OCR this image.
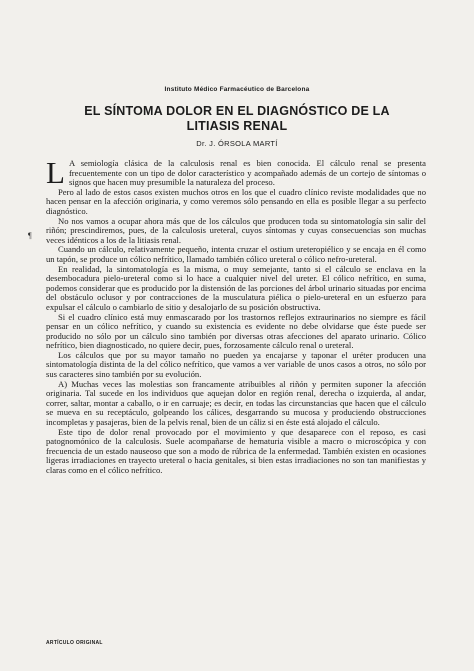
Instituto Médico Farmacéutico de Barcelona
EL SÍNTOMA DOLOR EN EL DIAGNÓSTICO DE LA
LITIASIS RENAL
Dr. J. ÓRSOLA MARTÍ
¶

L A semiología clásica de la calculosis renal es bien conocida. El cálculo renal se presenta frecuentemente con un tipo de dolor característico y acompañado además de un cortejo de síntomas o signos que hacen muy presumible la naturaleza del proceso.

Pero al lado de estos casos existen muchos otros en los que el cuadro clínico reviste modalidades que no hacen pensar en la afección originaria, y como veremos sólo pensando en ella es posible llegar a su perfecto diagnóstico.

No nos vamos a ocupar ahora más que de los cálculos que producen toda su sintomatología sin salir del riñón; prescindiremos, pues, de la calculosis ureteral, cuyos síntomas y cuyas consecuencias son muchas veces idénticos a los de la litiasis renal.

Cuando un cálculo, relativamente pequeño, intenta cruzar el ostium ureteropiélico y se encaja en él como un tapón, se produce un cólico nefrítico, llamado también cólico ureteral o cólico nefro-ureteral.

En realidad, la sintomatología es la misma, o muy semejante, tanto si el cálculo se enclava en la desembocadura pielo-ureteral como si lo hace a cualquier nivel del ureter. El cólico nefrítico, en suma, podemos considerar que es producido por la distensión de las porciones del árbol urinario situadas por encima del obstáculo oclusor y por contracciones de la musculatura piélica o pielo-ureteral en un esfuerzo para expulsar el cálculo o cambiarlo de sitio y desalojarlo de su posición obstructiva.

Si el cuadro clínico está muy enmascarado por los trastornos reflejos extraurinarios no siempre es fácil pensar en un cólico nefrítico, y cuando su existencia es evidente no debe olvidarse que éste puede ser producido no sólo por un cálculo sino también por diversas otras afecciones del aparato urinario. Cólico nefrítico, bien diagnosticado, no quiere decir, pues, forzosamente cálculo renal o ureteral.

Los cálculos que por su mayor tamaño no pueden ya encajarse y taponar el uréter producen una sintomatología distinta de la del cólico nefrítico, que vamos a ver variable de unos casos a otros, no sólo por sus caracteres sino también por su evolución.

A) Muchas veces las molestias son francamente atribuibles al riñón y permiten suponer la afección originaria. Tal sucede en los individuos que aquejan dolor en región renal, derecha o izquierda, al andar, correr, saltar, montar a caballo, o ir en carruaje; es decir, en todas las circunstancias que hacen que el cálculo se mueva en su receptáculo, golpeando los cálices, desgarrando su mucosa y produciendo obstrucciones incompletas y pasajeras, bien de la pelvis renal, bien de un cáliz si en éste está alojado el cálculo.

Este tipo de dolor renal provocado por el movimiento y que desaparece con el reposo, es casi patognomónico de la calculosis. Suele acompañarse de hematuria visible a macro o microscópica y con frecuencia de un estado nauseoso que son a modo de rúbrica de la enfermedad. También existen en ocasiones ligeras irradiaciones en trayecto ureteral o hacia genitales, si bien estas irradiaciones no son tan manifiestas y claras como en el cólico nefrítico.

ARTÍCULO ORIGINAL
